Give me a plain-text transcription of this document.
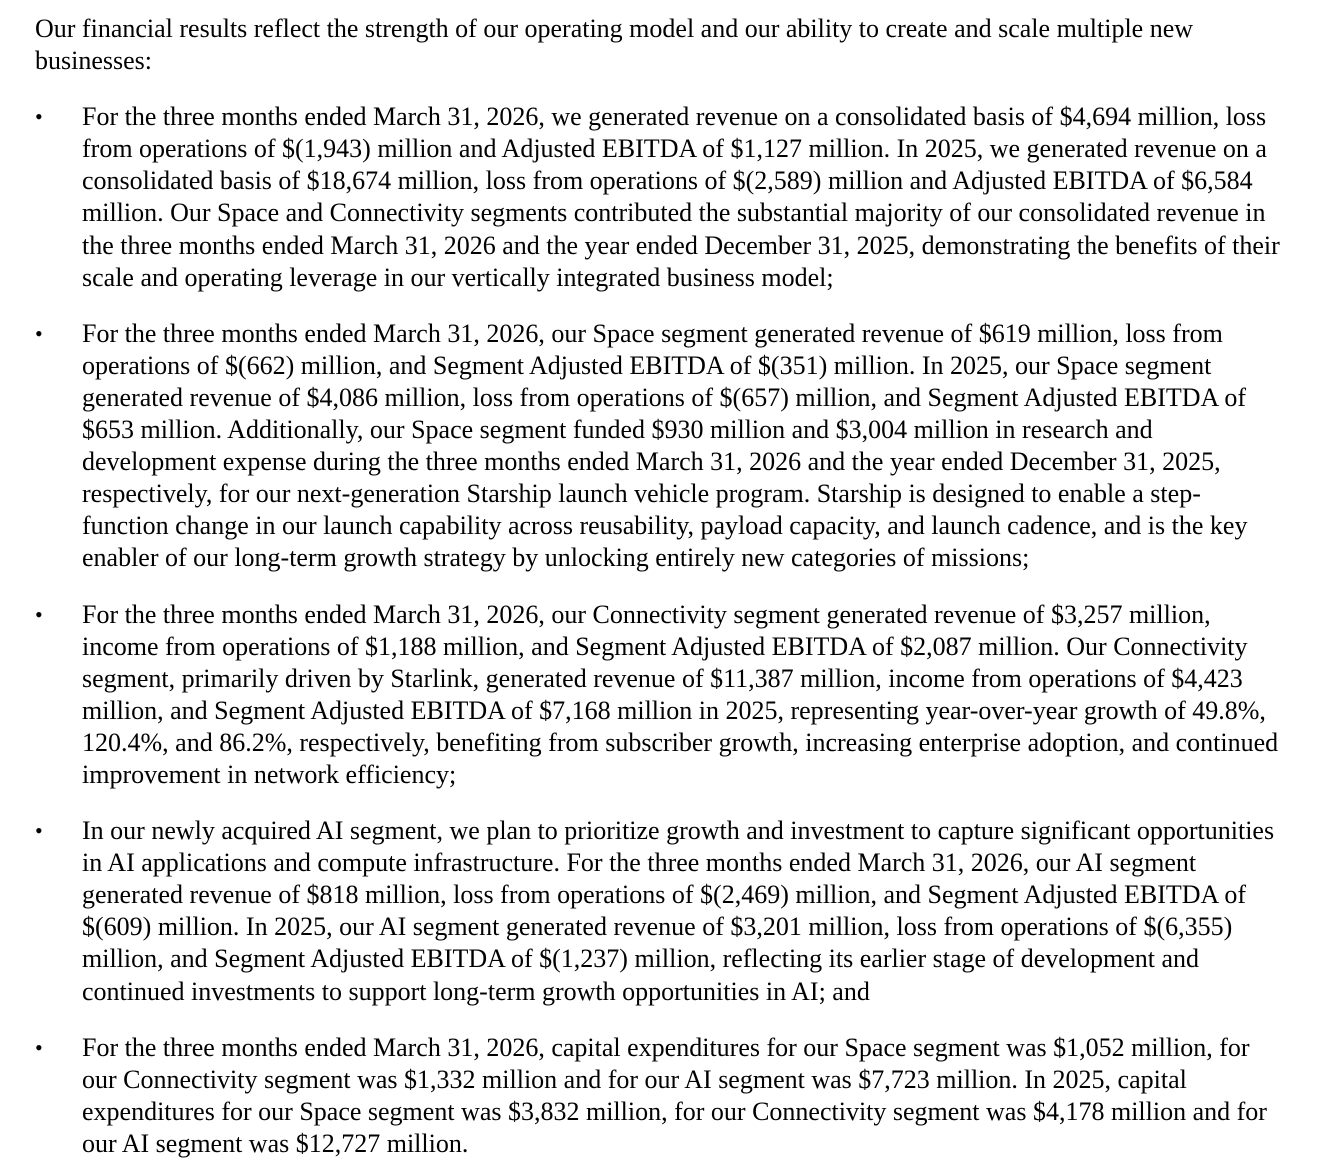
Our financial results reflect the strength of our operating model and our ability to create and scale multiple new businesses:

• For the three months ended March 31, 2026, we generated revenue on a consolidated basis of $4,694 million, loss from operations of $(1,943) million and Adjusted EBITDA of $1,127 million. In 2025, we generated revenue on a consolidated basis of $18,674 million, loss from operations of $(2,589) million and Adjusted EBITDA of $6,584 million. Our Space and Connectivity segments contributed the substantial majority of our consolidated revenue in the three months ended March 31, 2026 and the year ended December 31, 2025, demonstrating the benefits of their scale and operating leverage in our vertically integrated business model;
• For the three months ended March 31, 2026, our Space segment generated revenue of $619 million, loss from operations of $(662) million, and Segment Adjusted EBITDA of $(351) million. In 2025, our Space segment generated revenue of $4,086 million, loss from operations of $(657) million, and Segment Adjusted EBITDA of $653 million. Additionally, our Space segment funded $930 million and $3,004 million in research and development expense during the three months ended March 31, 2026 and the year ended December 31, 2025, respectively, for our next-generation Starship launch vehicle program. Starship is designed to enable a step-function change in our launch capability across reusability, payload capacity, and launch cadence, and is the key enabler of our long-term growth strategy by unlocking entirely new categories of missions;
• For the three months ended March 31, 2026, our Connectivity segment generated revenue of $3,257 million, income from operations of $1,188 million, and Segment Adjusted EBITDA of $2,087 million. Our Connectivity segment, primarily driven by Starlink, generated revenue of $11,387 million, income from operations of $4,423 million, and Segment Adjusted EBITDA of $7,168 million in 2025, representing year-over-year growth of 49.8%, 120.4%, and 86.2%, respectively, benefiting from subscriber growth, increasing enterprise adoption, and continued improvement in network efficiency;
• In our newly acquired AI segment, we plan to prioritize growth and investment to capture significant opportunities in AI applications and compute infrastructure. For the three months ended March 31, 2026, our AI segment generated revenue of $818 million, loss from operations of $(2,469) million, and Segment Adjusted EBITDA of $(609) million. In 2025, our AI segment generated revenue of $3,201 million, loss from operations of $(6,355) million, and Segment Adjusted EBITDA of $(1,237) million, reflecting its earlier stage of development and continued investments to support long-term growth opportunities in AI; and
• For the three months ended March 31, 2026, capital expenditures for our Space segment was $1,052 million, for our Connectivity segment was $1,332 million and for our AI segment was $7,723 million. In 2025, capital expenditures for our Space segment was $3,832 million, for our Connectivity segment was $4,178 million and for our AI segment was $12,727 million.
